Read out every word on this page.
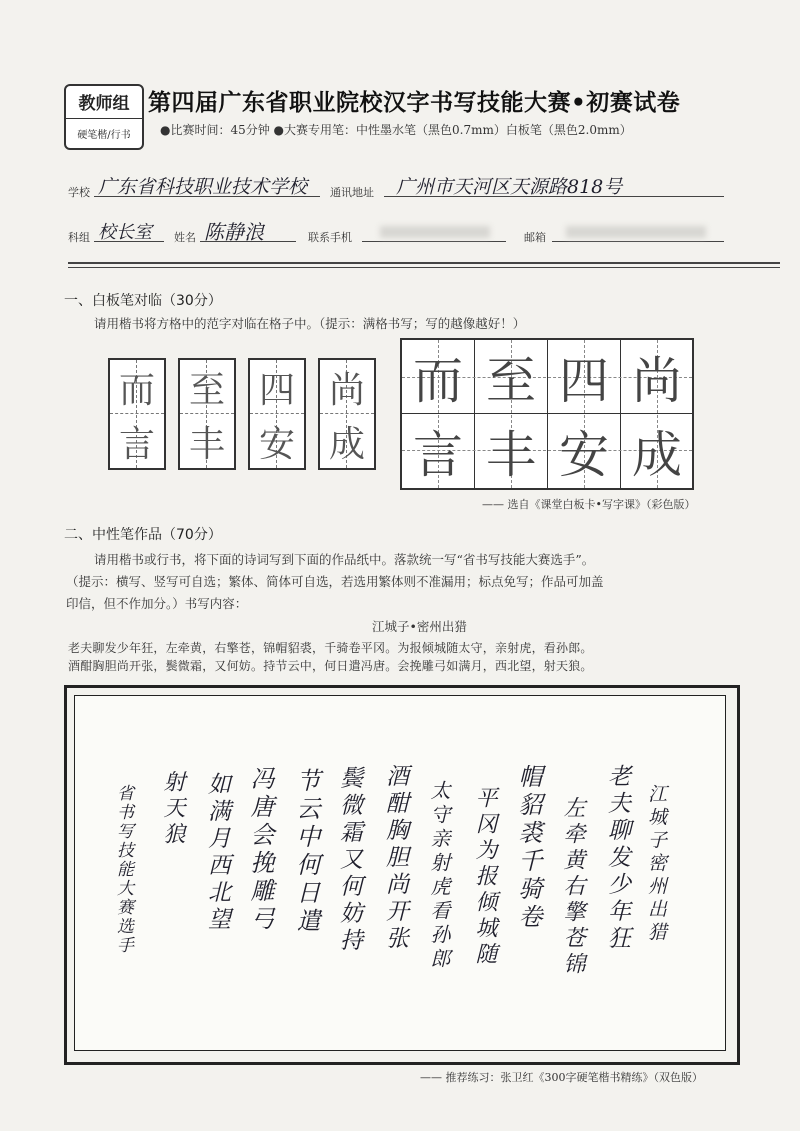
教师组
硬笔楷/行书
第四届广东省职业院校汉字书写技能大赛•初赛试卷
●比赛时间：45分钟 ●大赛专用笔：中性墨水笔（黑色0.7mm）白板笔（黑色2.0mm）
学校 广东省科技职业技术学校 通讯地址 广州市天河区天源路818号
科组 校长室 姓名 陈静浪	联系手机	邮箱
一、白板笔对临（30分）
请用楷书将方格中的范字对临在格子中。（提示：满格书写；写的越像越好！）
而
言
至
丰
四
安
尚
成
而 至 四 尚
言 丰 安 成
—— 选自《课堂白板卡•写字课》（彩色版）
二、中性笔作品（70分）
请用楷书或行书，将下面的诗词写到下面的作品纸中。落款统一写“省书写技能大赛选手”。
（提示：横写、竖写可自选；繁体、简体可自选，若选用繁体则不准漏用；标点免写；作品可加盖
印信，但不作加分。）书写内容：
江城子•密州出猎
老夫聊发少年狂，左牵黄，右擎苍，锦帽貂裘，千骑卷平冈。为报倾城随太守，亲射虎，看孙郎。
酒酣胸胆尚开张，鬓微霜，又何妨。持节云中，何日遣冯唐。会挽雕弓如满月，西北望，射天狼。
江城子密州出猎
老夫聊发少年狂
左牵黄右擎苍锦
帽貂裘千骑卷
平冈为报倾城随
太守亲射虎看孙郎
酒酣胸胆尚开张
鬓微霜又何妨持
节云中何日遣
冯唐会挽雕弓
如满月西北望
射天狼
省书写技能大赛选手
—— 推荐练习：张卫红《300字硬笔楷书精练》（双色版）
